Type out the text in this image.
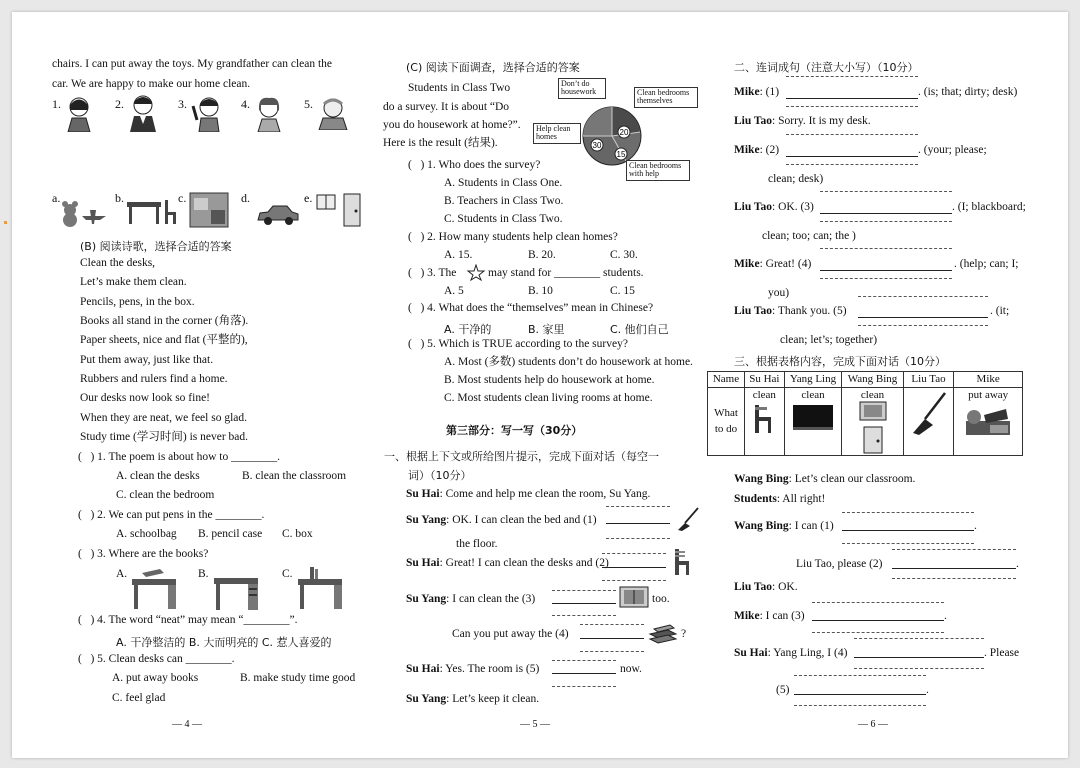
chairs. I can put away the toys. My grandfather can clean the
car. We are happy to make our home clean.
1.	2.	3.	4.	5.
a.	b.	c.	d.	e.
(B) 阅读诗歌，选择合适的答案
Clean the desks,
Let’s make them clean.
Pencils, pens, in the box.
Books all stand in the corner (角落).
Paper sheets, nice and flat (平整的),
Put them away, just like that.
Rubbers and rulers find a home.
Our desks now look so fine!
When they are neat, we feel so glad.
Study time (学习时间) is never bad.
(   ) 1. The poem is about how to ________.
A. clean the desks	B. clean the classroom
C. clean the bedroom
(   ) 2. We can put pens in the ________.
A. schoolbag B. pencil case C. box
(   ) 3. Where are the books?
A.	B.	C.
(   ) 4. The word “neat” may mean “________”.
A. 干净整洁的 B. 大而明亮的 C. 惹人喜爱的
(   ) 5. Clean desks can ________.
A. put away books	B. make study time good
C. feel glad
— 4 —
(C) 阅读下面调查，选择合适的答案
Students in Class Two
do a survey. It is about “Do
you do housework at home?”.
Here is the result (结果).	30
20
15
Don’t do housework	Clean bedrooms themselves
Help clean homes
Clean bedrooms with help
(   ) 1. Who does the survey?
A. Students in Class One.
B. Teachers in Class Two.
C. Students in Class Two.
(   ) 2. How many students help clean homes?
A. 15.	B. 20.	C. 30.
(   ) 3. The	may stand for ________ students.
A. 5	B. 10	C. 15
(   ) 4. What does the “themselves” mean in Chinese?
A. 干净的	B. 家里	C. 他们自己
(   ) 5. Which is TRUE according to the survey?
A. Most (多数) students don’t do housework at home.
B. Most students help do housework at home.
C. Most students clean living rooms at home.
第三部分：写一写（30分）
一、根据上下文或所给图片提示，完成下面对话（每空一
词）（10分）
Su Hai: Come and help me clean the room, Su Yang.
Su Yang: OK. I can clean the bed and (1)
the floor.
Su Hai: Great! I can clean the desks and (2)
Su Yang: I can clean the (3)	too.
Can you put away the (4)	?
Su Hai: Yes. The room is (5)	now.
Su Yang: Let’s keep it clean.
— 5 —
二、连词成句（注意大小写）（10分）
Mike: (1)	. (is; that; dirty; desk)
Liu Tao: Sorry. It is my desk.
Mike: (2)	. (your; please;
clean; desk)
Liu Tao: OK. (3)	. (I; blackboard;
clean; too; can; the )
Mike: Great! (4)	. (help; can; I;
you)
Liu Tao: Thank you. (5)	. (it;
clean; let’s; together)
三、根据表格内容，完成下面对话（10分）
Name	Su Hai	Yang Ling	Wang Bing	Liu Tao	Mike
What to do	clean	clean	clean		put away
Wang Bing: Let’s clean our classroom.
Students: All right!
Wang Bing: I can (1)	.
Liu Tao, please (2)	.
Liu Tao: OK.
Mike: I can (3)	.
Su Hai: Yang Ling, I (4)	. Please
(5)	.
— 6 —
